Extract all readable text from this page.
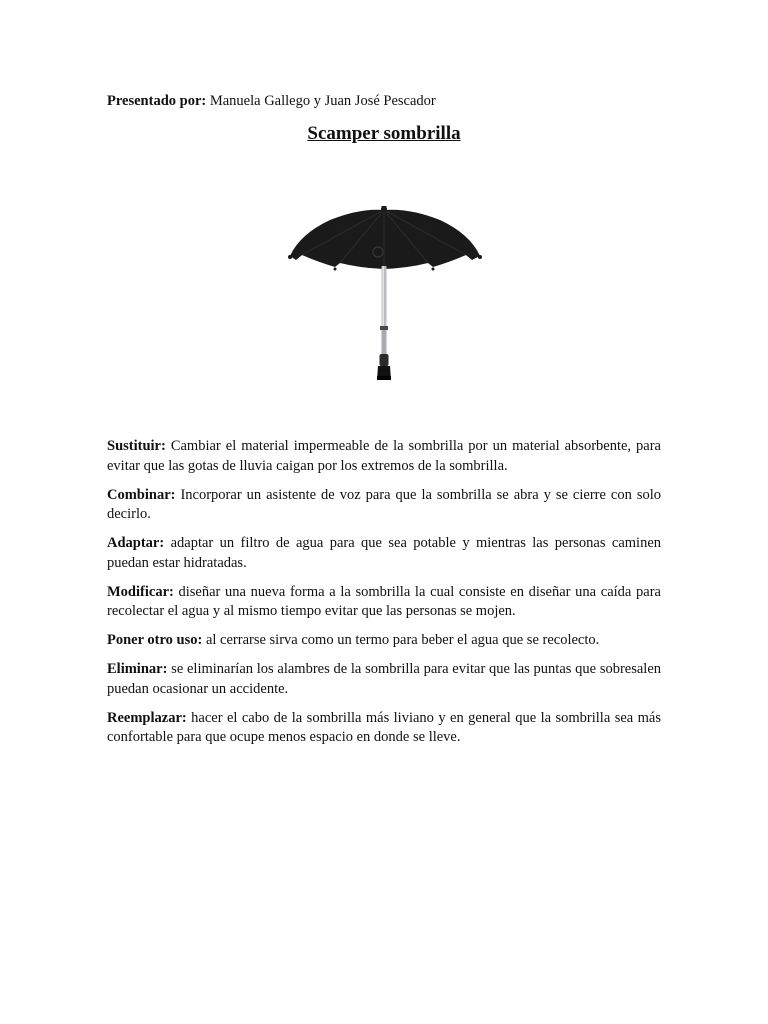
Presentado por: Manuela Gallego y Juan José Pescador
Scamper sombrilla

Sustituir: Cambiar el material impermeable de la sombrilla por un material absorbente, para evitar que las gotas de lluvia caigan por los extremos de la sombrilla.

Combinar: Incorporar un asistente de voz para que la sombrilla se abra y se cierre con solo decirlo.

Adaptar: adaptar un filtro de agua para que sea potable y mientras las personas caminen puedan estar hidratadas.

Modificar: diseñar una nueva forma a la sombrilla la cual consiste en diseñar una caída para recolectar el agua y al mismo tiempo evitar que las personas se mojen.

Poner otro uso: al cerrarse sirva como un termo para beber el agua que se recolecto.

Eliminar: se eliminarían los alambres de la sombrilla para evitar que las puntas que sobresalen puedan ocasionar un accidente.

Reemplazar: hacer el cabo de la sombrilla más liviano y en general que la sombrilla sea más confortable para que ocupe menos espacio en donde se lleve.
